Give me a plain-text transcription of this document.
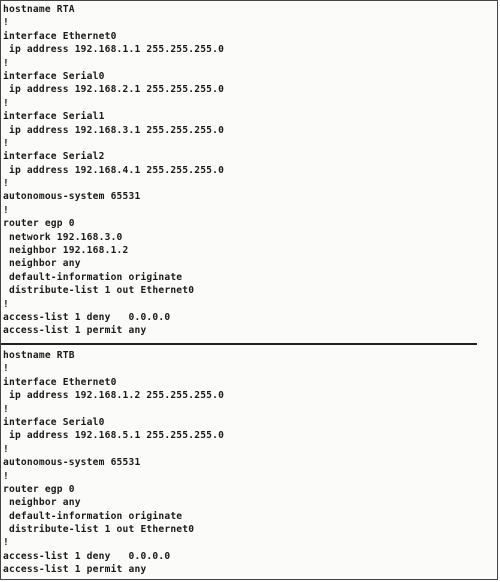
hostname RTA
!
interface Ethernet0
ip address 192.168.1.1 255.255.255.0
!
interface Serial0
ip address 192.168.2.1 255.255.255.0
!
interface Serial1
ip address 192.168.3.1 255.255.255.0
!
interface Serial2
ip address 192.168.4.1 255.255.255.0
!
autonomous-system 65531
!
router egp 0
network 192.168.3.0
neighbor 192.168.1.2
neighbor any
default-information originate
distribute-list 1 out Ethernet0
!
access-list 1 deny   0.0.0.0
access-list 1 permit any
hostname RTB
!
interface Ethernet0
ip address 192.168.1.2 255.255.255.0
!
interface Serial0
ip address 192.168.5.1 255.255.255.0
!
autonomous-system 65531
!
router egp 0
neighbor any
default-information originate
distribute-list 1 out Ethernet0
!
access-list 1 deny   0.0.0.0
access-list 1 permit any
